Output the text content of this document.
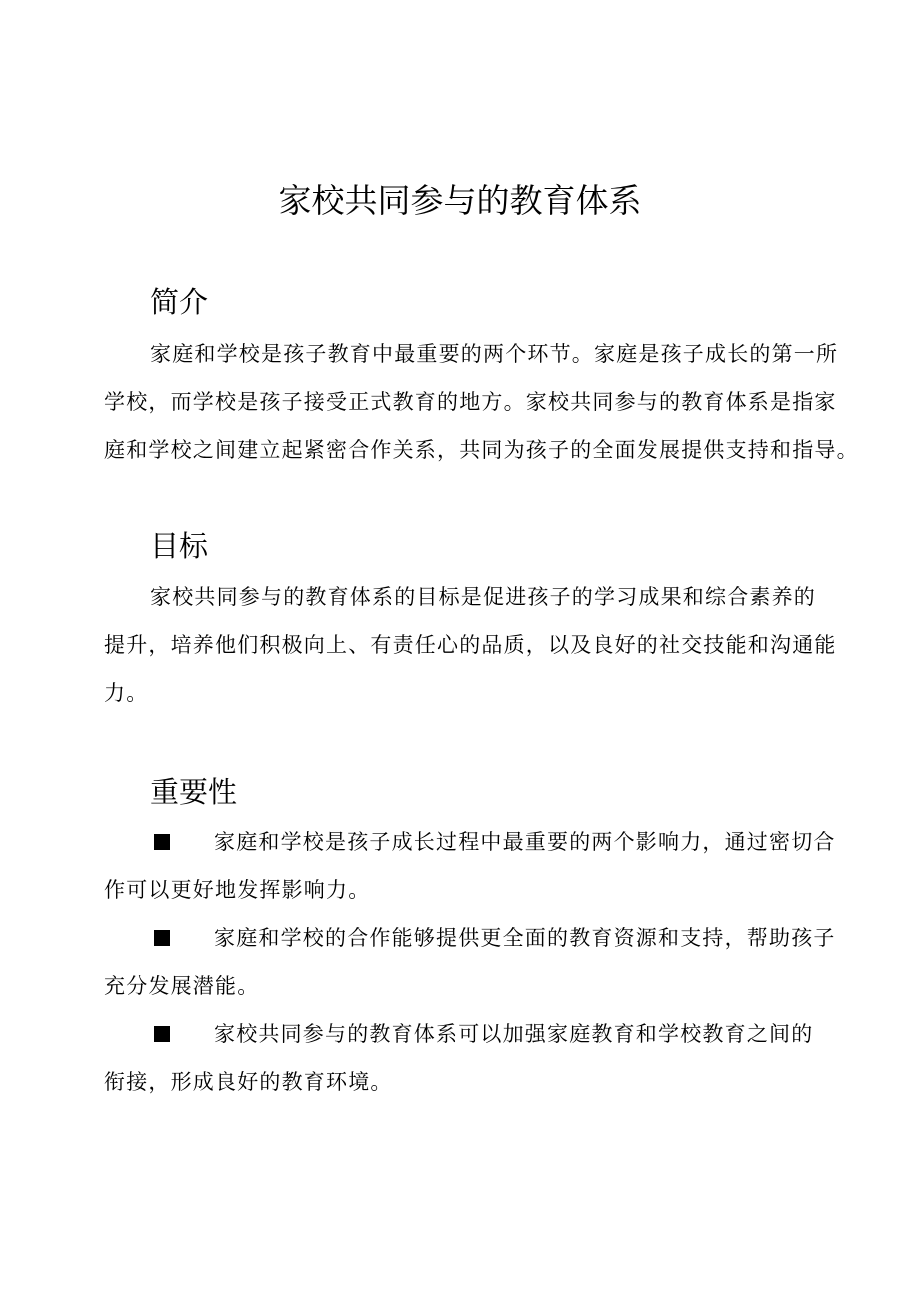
家校共同参与的教育体系
简介
家庭和学校是孩子教育中最重要的两个环节。家庭是孩子成长的第一所
学校，而学校是孩子接受正式教育的地方。家校共同参与的教育体系是指家
庭和学校之间建立起紧密合作关系，共同为孩子的全面发展提供支持和指导。
目标
家校共同参与的教育体系的目标是促进孩子的学习成果和综合素养的
提升，培养他们积极向上、有责任心的品质，以及良好的社交技能和沟通能
力。
重要性
家庭和学校是孩子成长过程中最重要的两个影响力，通过密切合
作可以更好地发挥影响力。
家庭和学校的合作能够提供更全面的教育资源和支持，帮助孩子
充分发展潜能。
家校共同参与的教育体系可以加强家庭教育和学校教育之间的
衔接，形成良好的教育环境。
